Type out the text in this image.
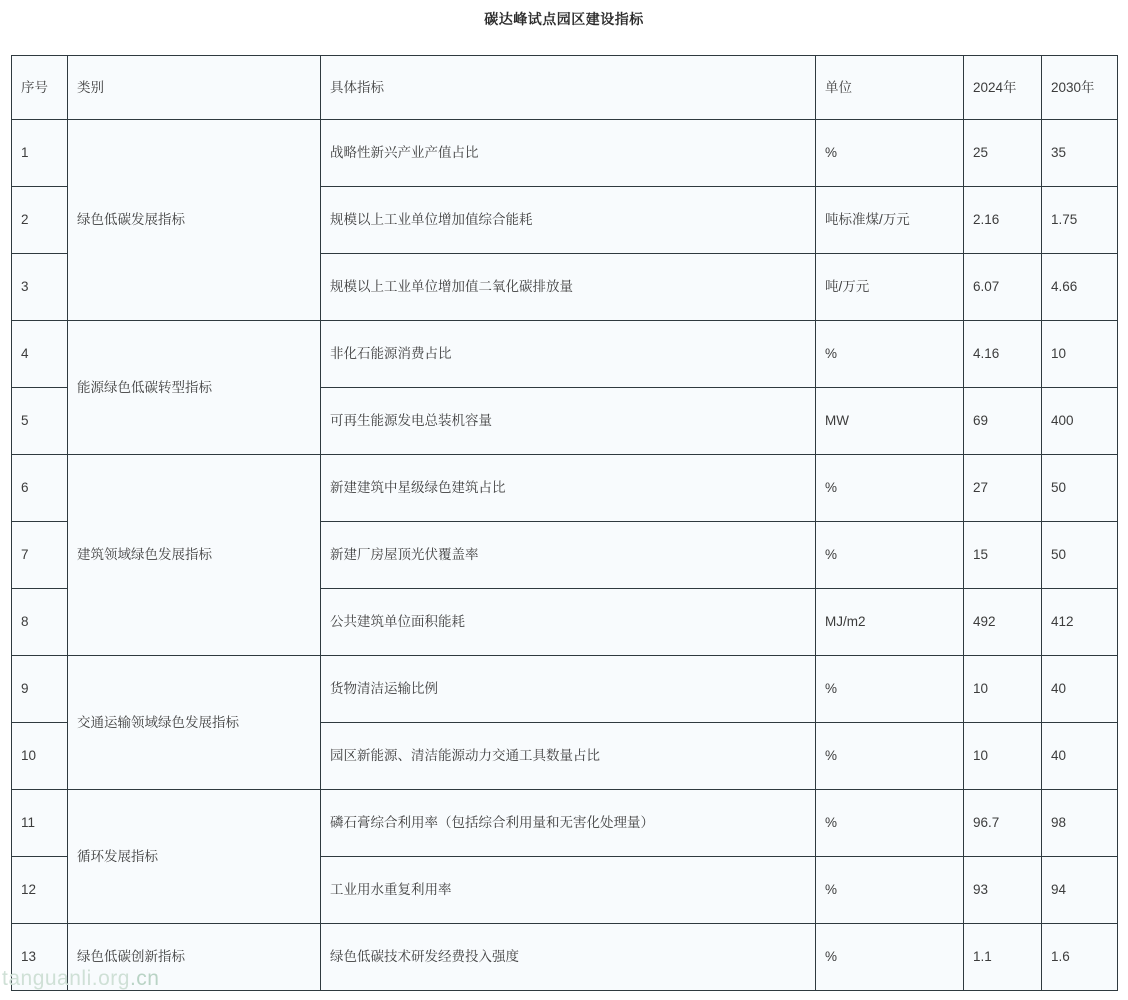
碳达峰试点园区建设指标
序号	类别	具体指标	单位	2024年	2030年
1	绿色低碳发展指标	战略性新兴产业产值占比	%	25	35
2		规模以上工业单位增加值综合能耗	吨标准煤/万元	2.16	1.75
3		规模以上工业单位增加值二氧化碳排放量	吨/万元	6.07	4.66
4	能源绿色低碳转型指标	非化石能源消费占比	%	4.16	10
5		可再生能源发电总装机容量	MW	69	400
6	建筑领域绿色发展指标	新建建筑中星级绿色建筑占比	%	27	50
7		新建厂房屋顶光伏覆盖率	%	15	50
8		公共建筑单位面积能耗	MJ/m2	492	412
9	交通运输领域绿色发展指标	货物清洁运输比例	%	10	40
10		园区新能源、清洁能源动力交通工具数量占比	%	10	40
11	循环发展指标	磷石膏综合利用率（包括综合利用量和无害化处理量）	%	96.7	98
12		工业用水重复利用率	%	93	94
13	绿色低碳创新指标	绿色低碳技术研发经费投入强度	%	1.1	1.6
tanguanli.org.cn
